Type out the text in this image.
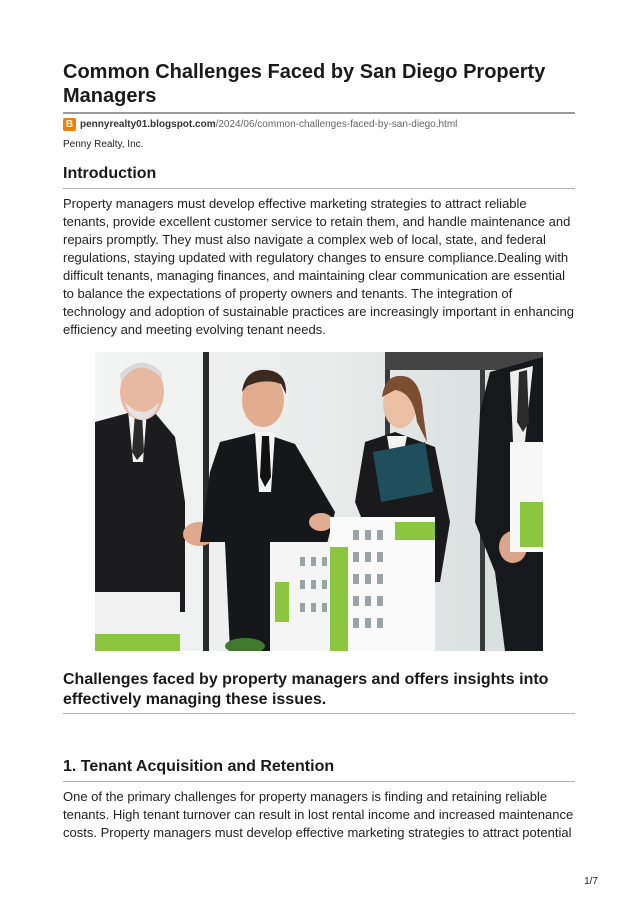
Common Challenges Faced by San Diego Property Managers
B pennyrealty01.blogspot.com /2024/06/common-challenges-faced-by-san-diego.html
Penny Realty, Inc.
Introduction

Property managers must develop effective marketing strategies to attract reliable tenants, provide excellent customer service to retain them, and handle maintenance and repairs promptly. They must also navigate a complex web of local, state, and federal regulations, staying updated with regulatory changes to ensure compliance.Dealing with difficult tenants, managing finances, and maintaining clear communication are essential to balance the expectations of property owners and tenants. The integration of technology and adoption of sustainable practices are increasingly important in enhancing efficiency and meeting evolving tenant needs.

Challenges faced by property managers and offers insights into effectively managing these issues.
1. Tenant Acquisition and Retention

One of the primary challenges for property managers is finding and retaining reliable tenants. High tenant turnover can result in lost rental income and increased maintenance costs. Property managers must develop effective marketing strategies to attract potential

1/7
